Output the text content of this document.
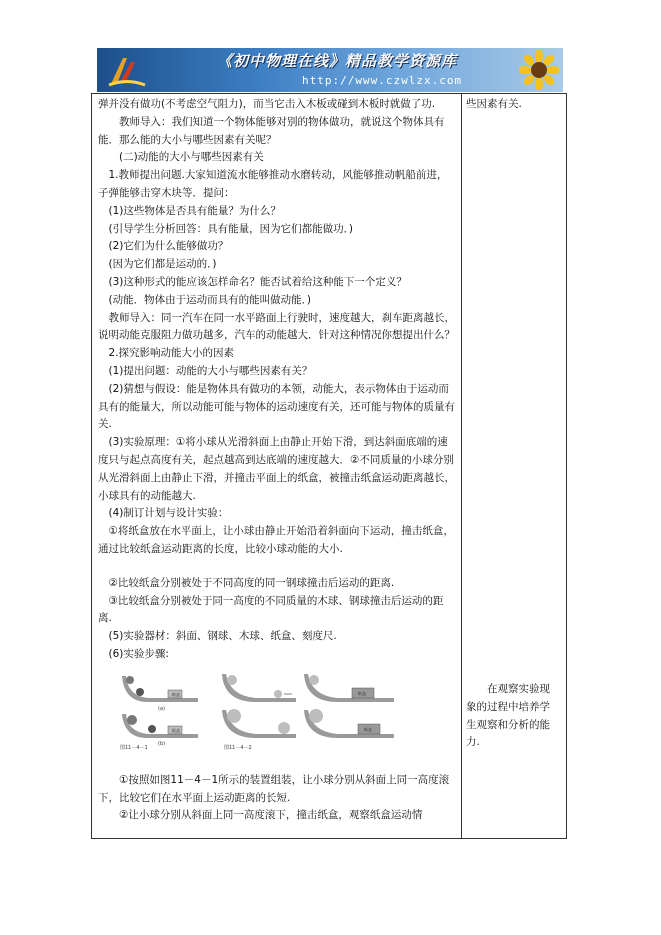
《初中物理在线》精品教学资源库
http://www.czwlzx.com

弹并没有做功(不考虑空气阻力)，而当它击入木板或碰到木板时就做了功.

教师导入：我们知道一个物体能够对别的物体做功，就说这个物体具有能．那么能的大小与哪些因素有关呢？

(二)动能的大小与哪些因素有关

1.教师提出问题.大家知道流水能够推动水磨转动，风能够推动帆船前进，子弹能够击穿木块等．提问：

(1)这些物体是否具有能量？为什么？

(引导学生分析回答：具有能量，因为它们都能做功．)

(2)它们为什么能够做功？

(因为它们都是运动的．)

(3)这种形式的能应该怎样命名？能否试着给这种能下一个定义？

(动能．物体由于运动而具有的能叫做动能．)

教师导入：同一汽车在同一水平路面上行驶时，速度越大，刹车距离越长，说明动能克服阻力做功越多，汽车的动能越大．针对这种情况你想提出什么？

2.探究影响动能大小的因素

(1)提出问题：动能的大小与哪些因素有关？

(2)猜想与假设：能是物体具有做功的本领，动能大，表示物体由于运动而具有的能量大，所以动能可能与物体的运动速度有关，还可能与物体的质量有关.

(3)实验原理：①将小球从光滑斜面上由静止开始下滑，到达斜面底端的速度只与起点高度有关，起点越高到达底端的速度越大．②不同质量的小球分别从光滑斜面上由静止下滑，并撞击平面上的纸盒，被撞击纸盒运动距离越长，小球具有的动能越大.

(4)制订计划与设计实验：

①将纸盒放在水平面上，让小球由静止开始沿着斜面向下运动，撞击纸盒，通过比较纸盒运动距离的长度，比较小球动能的大小.

②比较纸盒分别被处于不同高度的同一钢球撞击后运动的距离.

③比较纸盒分别被处于同一高度的不同质量的木球、钢球撞击后运动的距离.

(5)实验器材：斜面、钢球、木球、纸盒、刻度尺.

(6)实验步骤:

纸盒
(a)
纸盒
(b)
图11－4－1
纸盒
纸盒
图11－4－2

①按照如图11－4－1所示的装置组装，让小球分别从斜面上同一高度滚下，比较它们在水平面上运动距离的长短.

②让小球分别从斜面上同一高度滚下，撞击纸盒，观察纸盒运动情

些因素有关.

在观察实验现象的过程中培养学生观察和分析的能力.
